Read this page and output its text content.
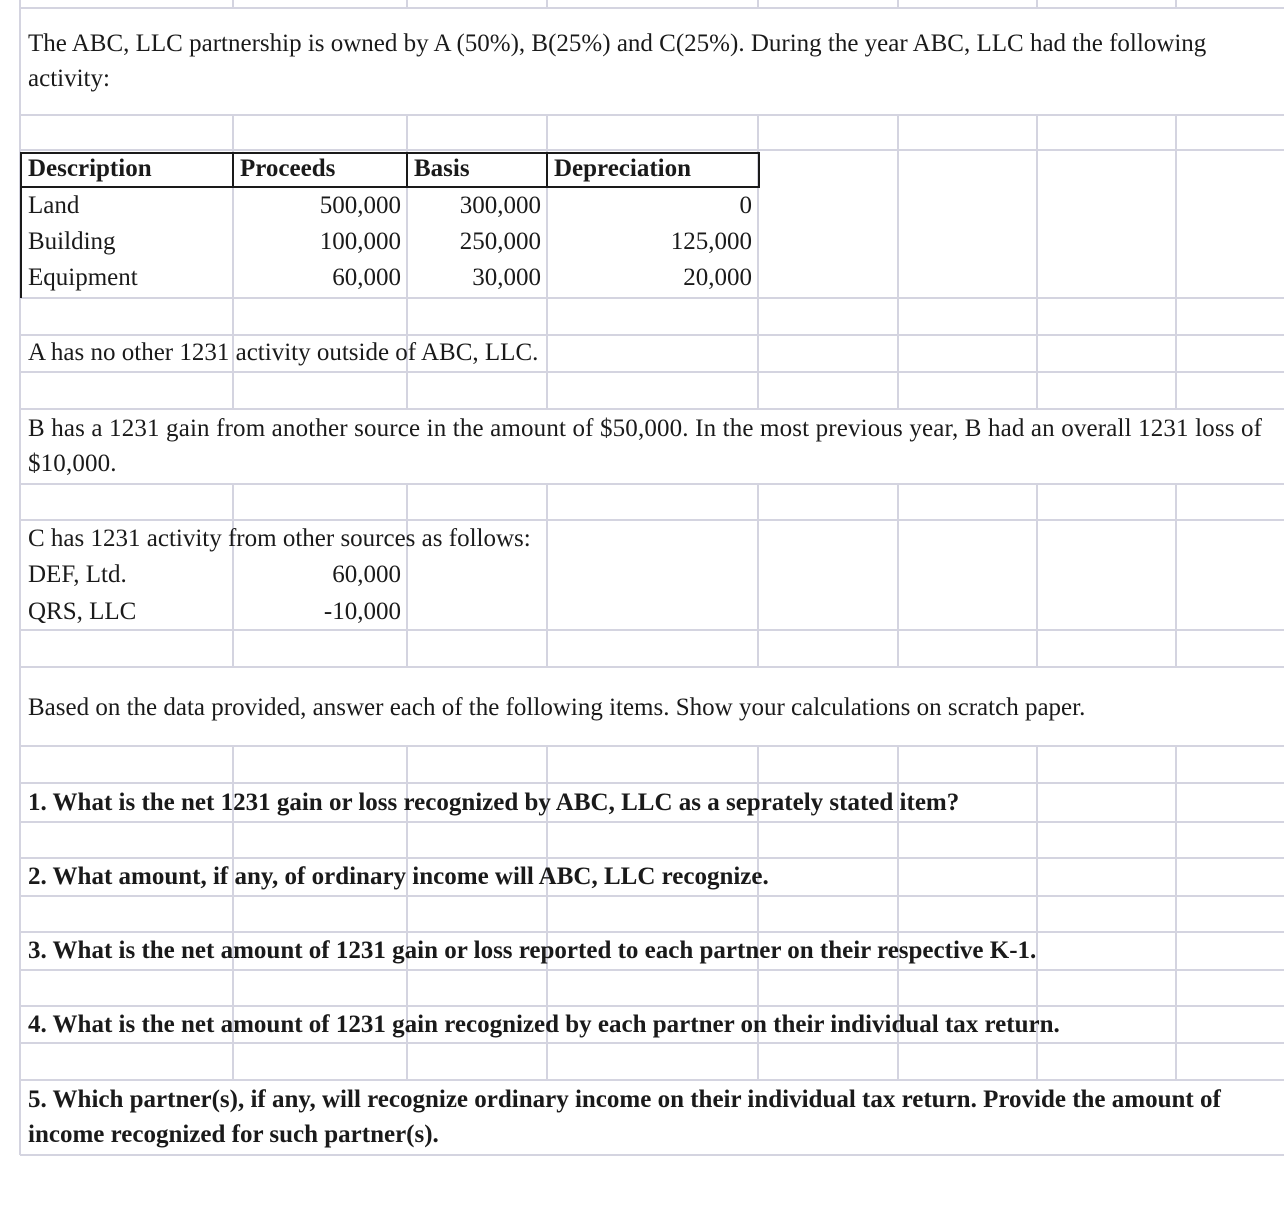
The ABC, LLC partnership is owned by A (50%), B(25%) and C(25%). During the year ABC, LLC had the following activity:
Description	Proceeds	Basis	Depreciation
Land	500,000	300,000	0
Building	100,000	250,000	125,000
Equipment	60,000	30,000	20,000
A has no other 1231 activity outside of ABC, LLC.
B has a 1231 gain from another source in the amount of $50,000. In the most previous year, B had an overall 1231 loss of $10,000.
C has 1231 activity from other sources as follows:
DEF, Ltd.	60,000
QRS, LLC	-10,000
Based on the data provided, answer each of the following items. Show your calculations on scratch paper.
1. What is the net 1231 gain or loss recognized by ABC, LLC as a seprately stated item?
2. What amount, if any, of ordinary income will ABC, LLC recognize.
3. What is the net amount of 1231 gain or loss reported to each partner on their respective K-1.
4. What is the net amount of 1231 gain recognized by each partner on their individual tax return.
5. Which partner(s), if any, will recognize ordinary income on their individual tax return. Provide the amount of income recognized for such partner(s).
